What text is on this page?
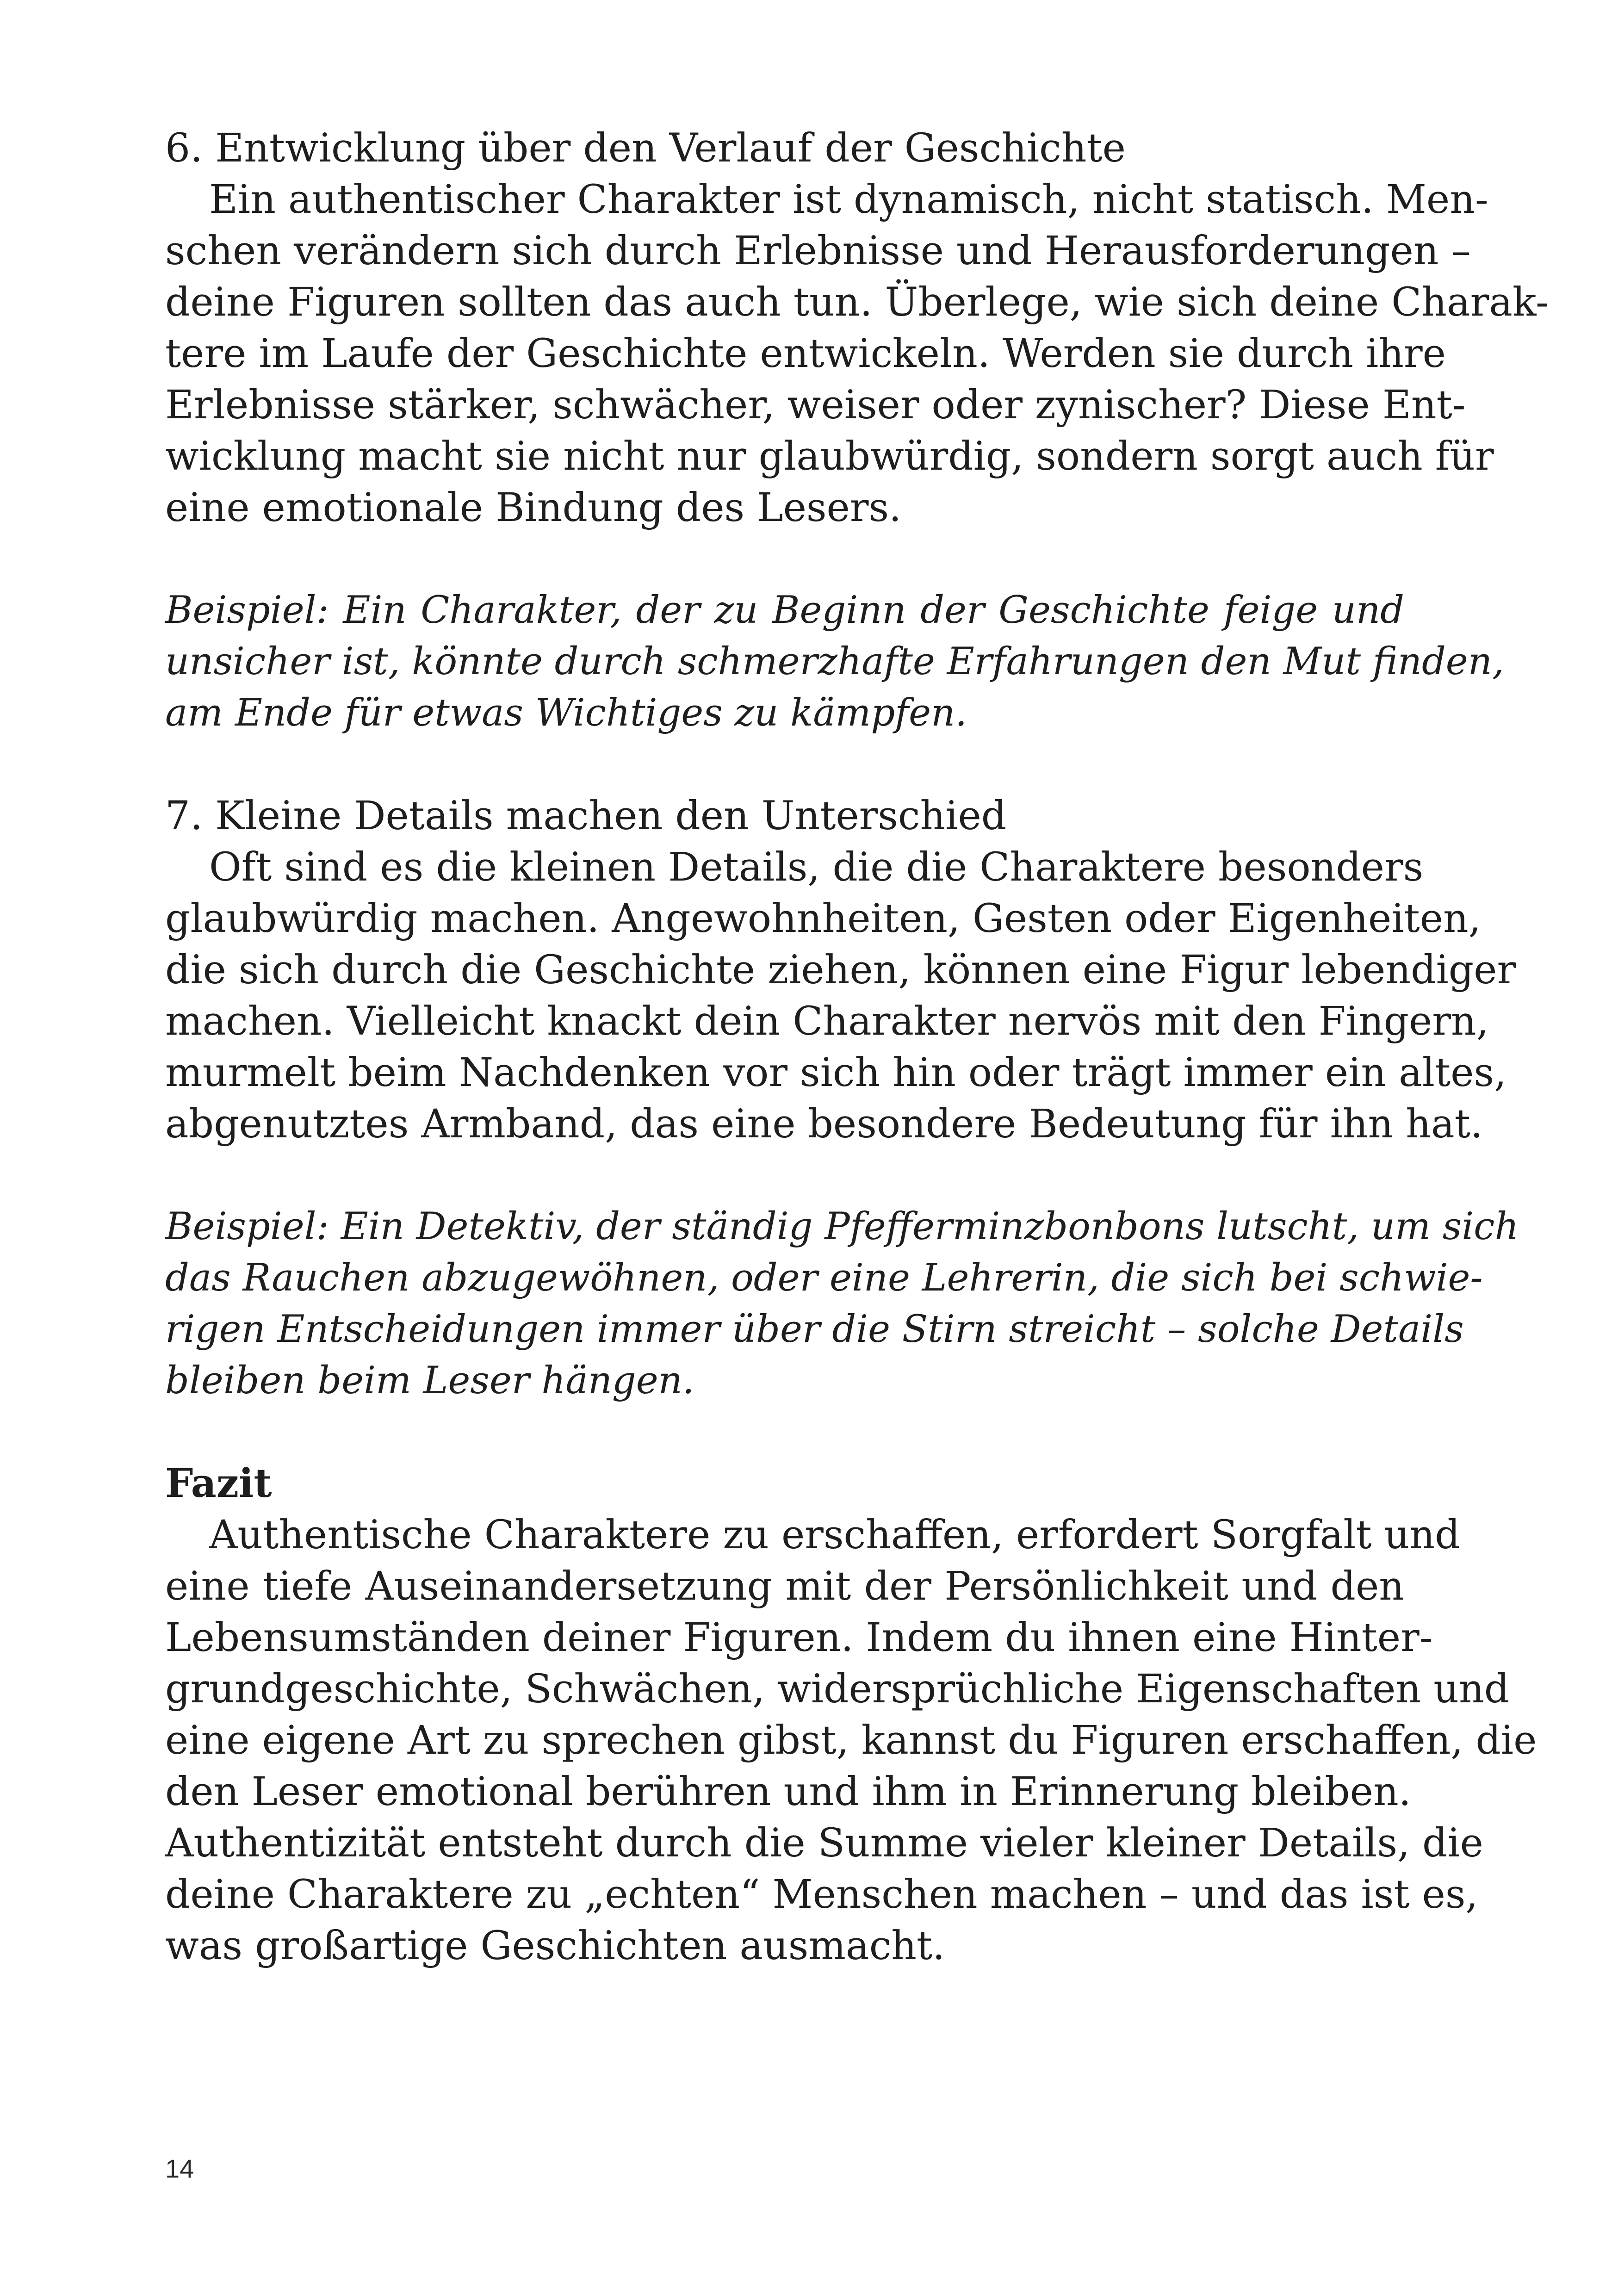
6. Entwicklung über den Verlauf der Geschichte
Ein authentischer Charakter ist dynamisch, nicht statisch. Men-
schen verändern sich durch Erlebnisse und Herausforderungen –
deine Figuren sollten das auch tun. Überlege, wie sich deine Charak-
tere im Laufe der Geschichte entwickeln. Werden sie durch ihre
Erlebnisse stärker, schwächer, weiser oder zynischer? Diese Ent-
wicklung macht sie nicht nur glaubwürdig, sondern sorgt auch für
eine emotionale Bindung des Lesers.
Beispiel: Ein Charakter, der zu Beginn der Geschichte feige und
unsicher ist, könnte durch schmerzhafte Erfahrungen den Mut finden,
am Ende für etwas Wichtiges zu kämpfen.
7. Kleine Details machen den Unterschied
Oft sind es die kleinen Details, die die Charaktere besonders
glaubwürdig machen. Angewohnheiten, Gesten oder Eigenheiten,
die sich durch die Geschichte ziehen, können eine Figur lebendiger
machen. Vielleicht knackt dein Charakter nervös mit den Fingern,
murmelt beim Nachdenken vor sich hin oder trägt immer ein altes,
abgenutztes Armband, das eine besondere Bedeutung für ihn hat.
Beispiel: Ein Detektiv, der ständig Pfefferminzbonbons lutscht, um sich
das Rauchen abzugewöhnen, oder eine Lehrerin, die sich bei schwie-
rigen Entscheidungen immer über die Stirn streicht – solche Details
bleiben beim Leser hängen.
Fazit
Authentische Charaktere zu erschaffen, erfordert Sorgfalt und
eine tiefe Auseinandersetzung mit der Persönlichkeit und den
Lebensumständen deiner Figuren. Indem du ihnen eine Hinter-
grundgeschichte, Schwächen, widersprüchliche Eigenschaften und
eine eigene Art zu sprechen gibst, kannst du Figuren erschaffen, die
den Leser emotional berühren und ihm in Erinnerung bleiben.
Authentizität entsteht durch die Summe vieler kleiner Details, die
deine Charaktere zu „echten“ Menschen machen – und das ist es,
was großartige Geschichten ausmacht.
14
